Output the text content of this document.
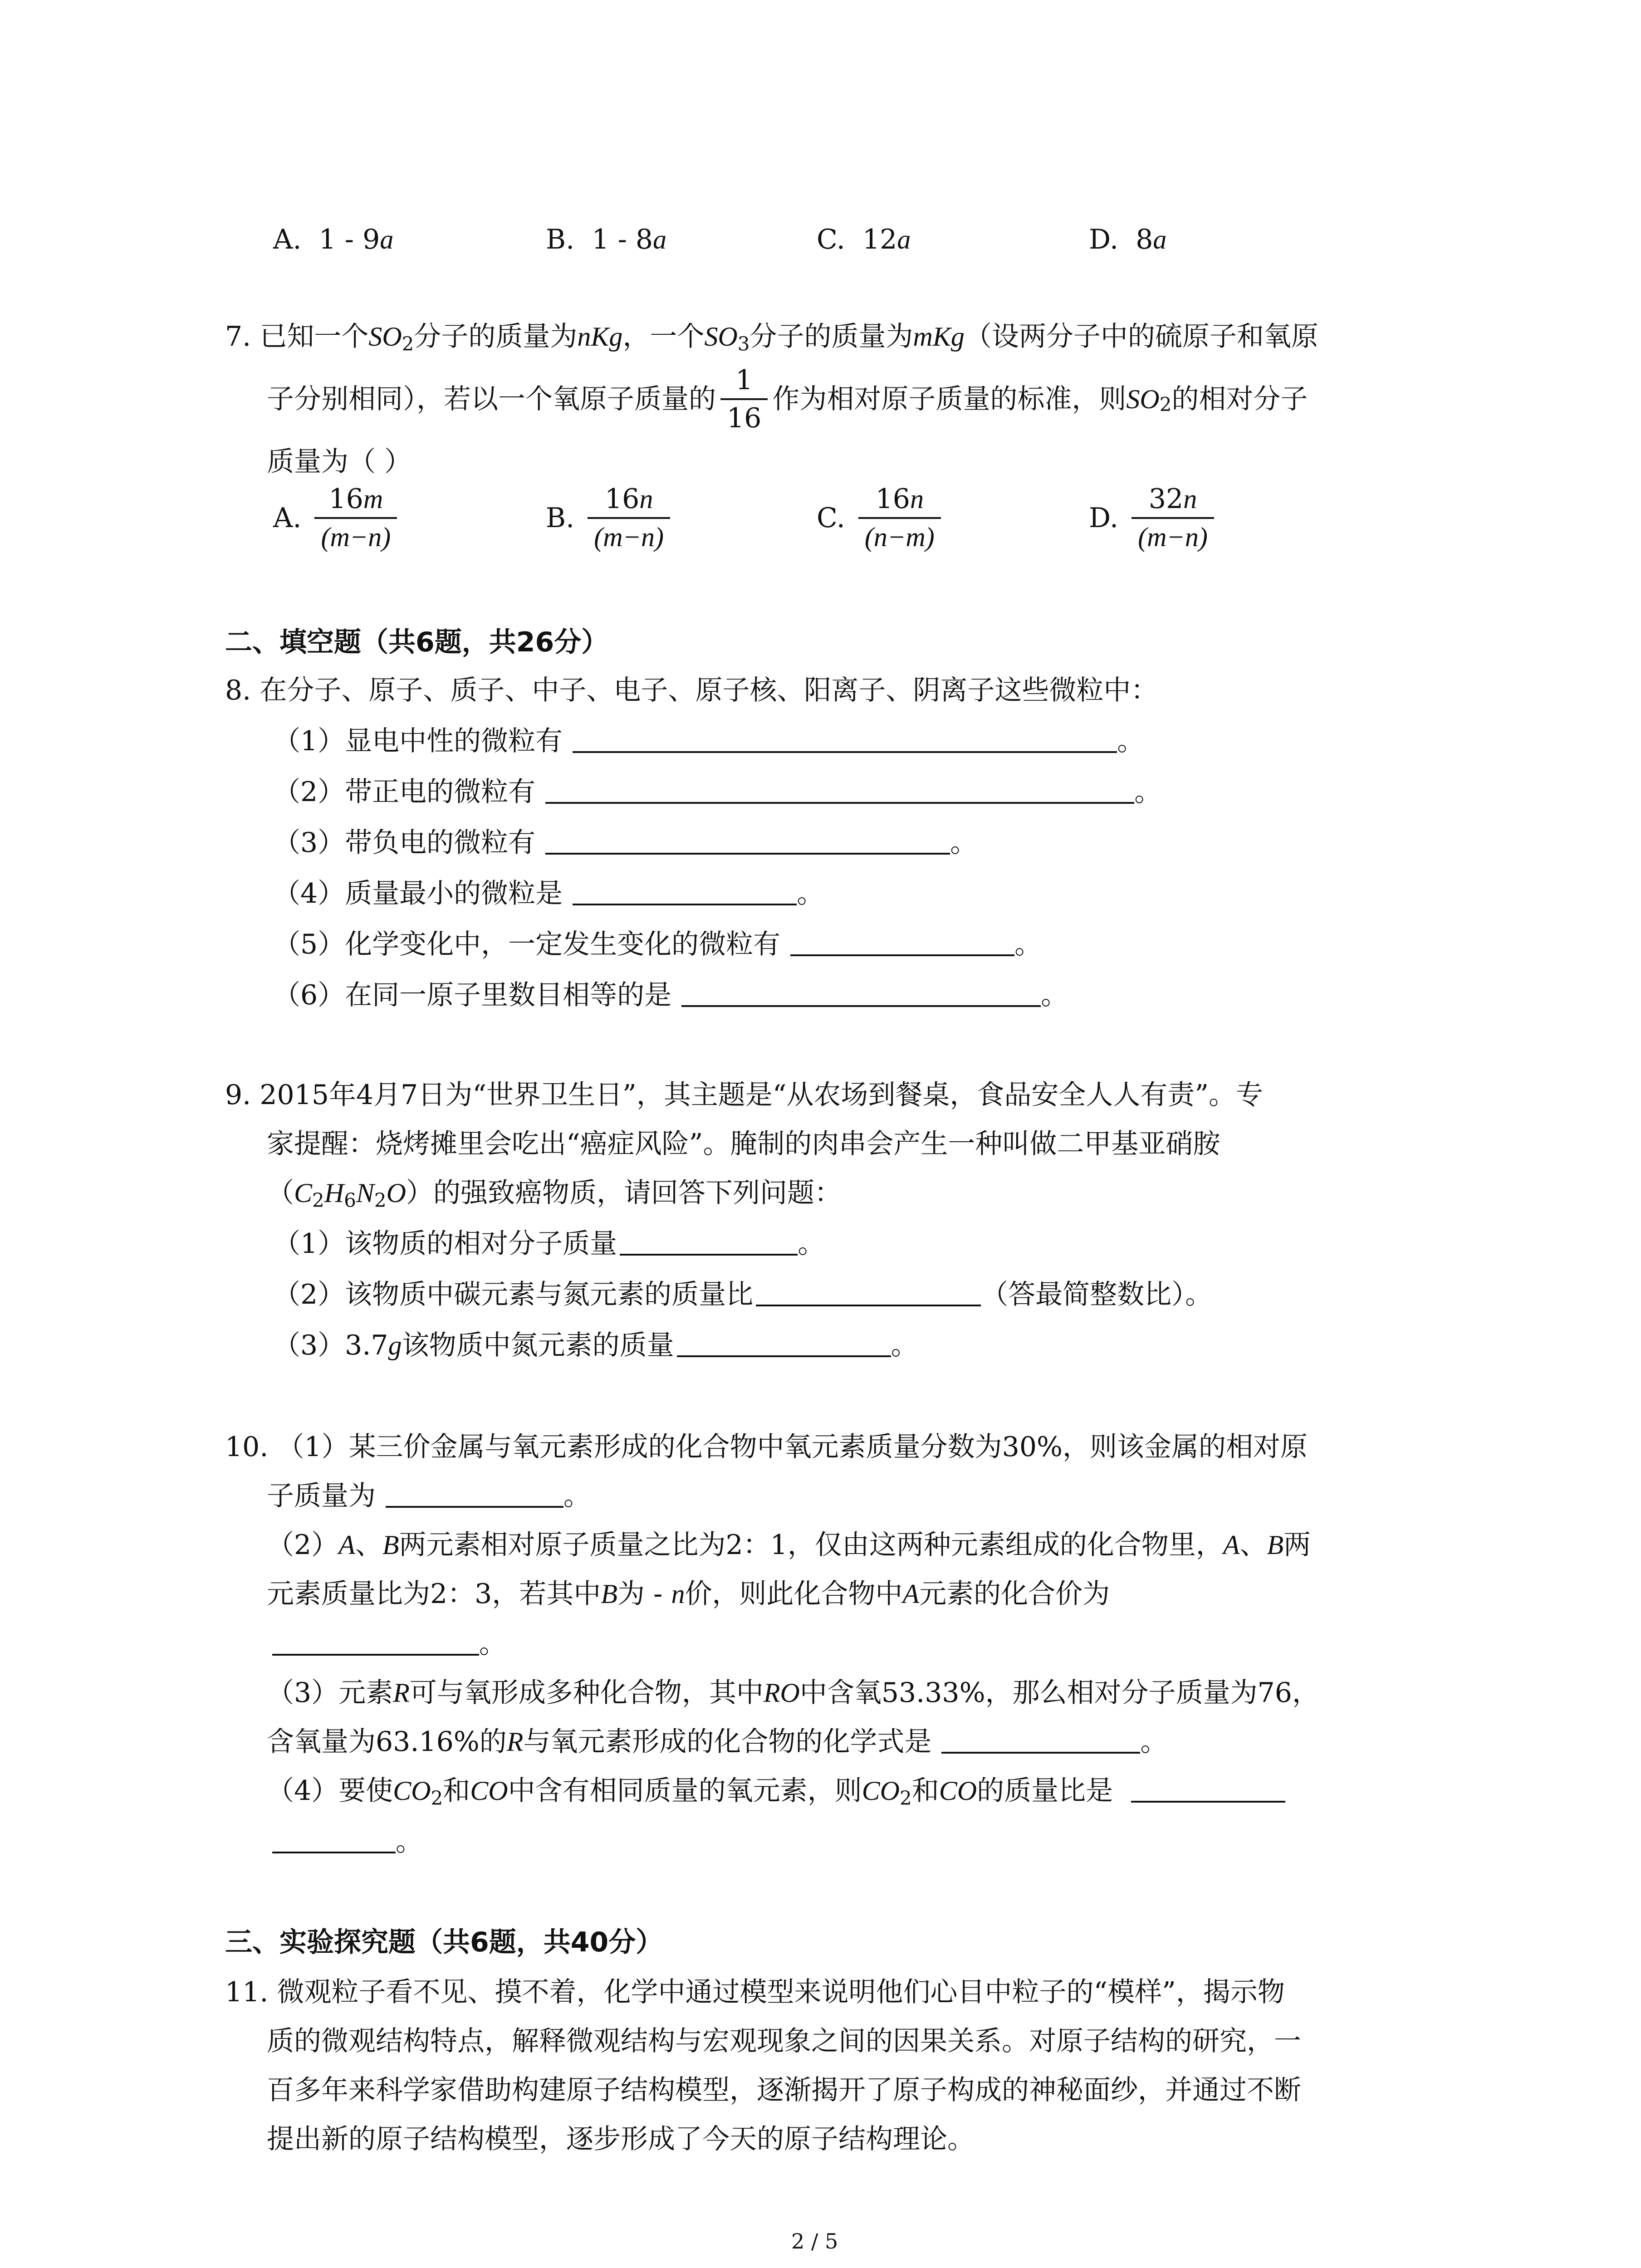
A. 1 - 9a	B. 1 - 8a	C. 12a	D. 8a
7. 已知一个$SO_2$分子的质量为nKg，一个$SO_3$分子的质量为mKg（设两分子中的硫原子和氧原
子分别相同），若以一个氧原子质量的 $\frac{1}{16}$ 作为相对原子质量的标准，则$SO_2$的相对分子
质量为（ ）
A. $\frac{16m}{(m-n)}$	B. $\frac{16n}{(m-n)}$	C. $\frac{16n}{(n-m)}$	D. $\frac{32n}{(m-n)}$
二、填空题（共6题，共26分）
8. 在分子、原子、质子、中子、电子、原子核、阳离子、阴离子这些微粒中：
（1）显电中性的微粒有	。
（2）带正电的微粒有	。
（3）带负电的微粒有	。
（4）质量最小的微粒是	。
（5）化学变化中，一定发生变化的微粒有	。
（6）在同一原子里数目相等的是	。
9. 2015年4月7日为“世界卫生日”，其主题是“从农场到餐桌，食品安全人人有责”。专
家提醒：烧烤摊里会吃出“癌症风险”。腌制的肉串会产生一种叫做二甲基亚硝胺
$(C_2H_6N_2O)$的强致癌物质，请回答下列问题：
（1）该物质的相对分子质量	。
（2）该物质中碳元素与氮元素的质量比	（答最简整数比）。
（3）3.7g该物质中氮元素的质量	。
10. （1）某三价金属与氧元素形成的化合物中氧元素质量分数为30%，则该金属的相对原
子质量为	。
（2）A、B两元素相对原子质量之比为2：1，仅由这两种元素组成的化合物里，A、B两
元素质量比为2：3，若其中B为 - n价，则此化合物中A元素的化合价为
。
（3）元素R可与氧形成多种化合物，其中RO中含氧53.33%，那么相对分子质量为76，
含氧量为63.16%的R与氧元素形成的化合物的化学式是	。
（4）要使$CO_2$和CO中含有相同质量的氧元素，则$CO_2$和CO的质量比是
。
三、实验探究题（共6题，共40分）
11. 微观粒子看不见、摸不着，化学中通过模型来说明他们心目中粒子的“模样”，揭示物
质的微观结构特点，解释微观结构与宏观现象之间的因果关系。对原子结构的研究，一
百多年来科学家借助构建原子结构模型，逐渐揭开了原子构成的神秘面纱，并通过不断
提出新的原子结构模型，逐步形成了今天的原子结构理论。
2 / 5
